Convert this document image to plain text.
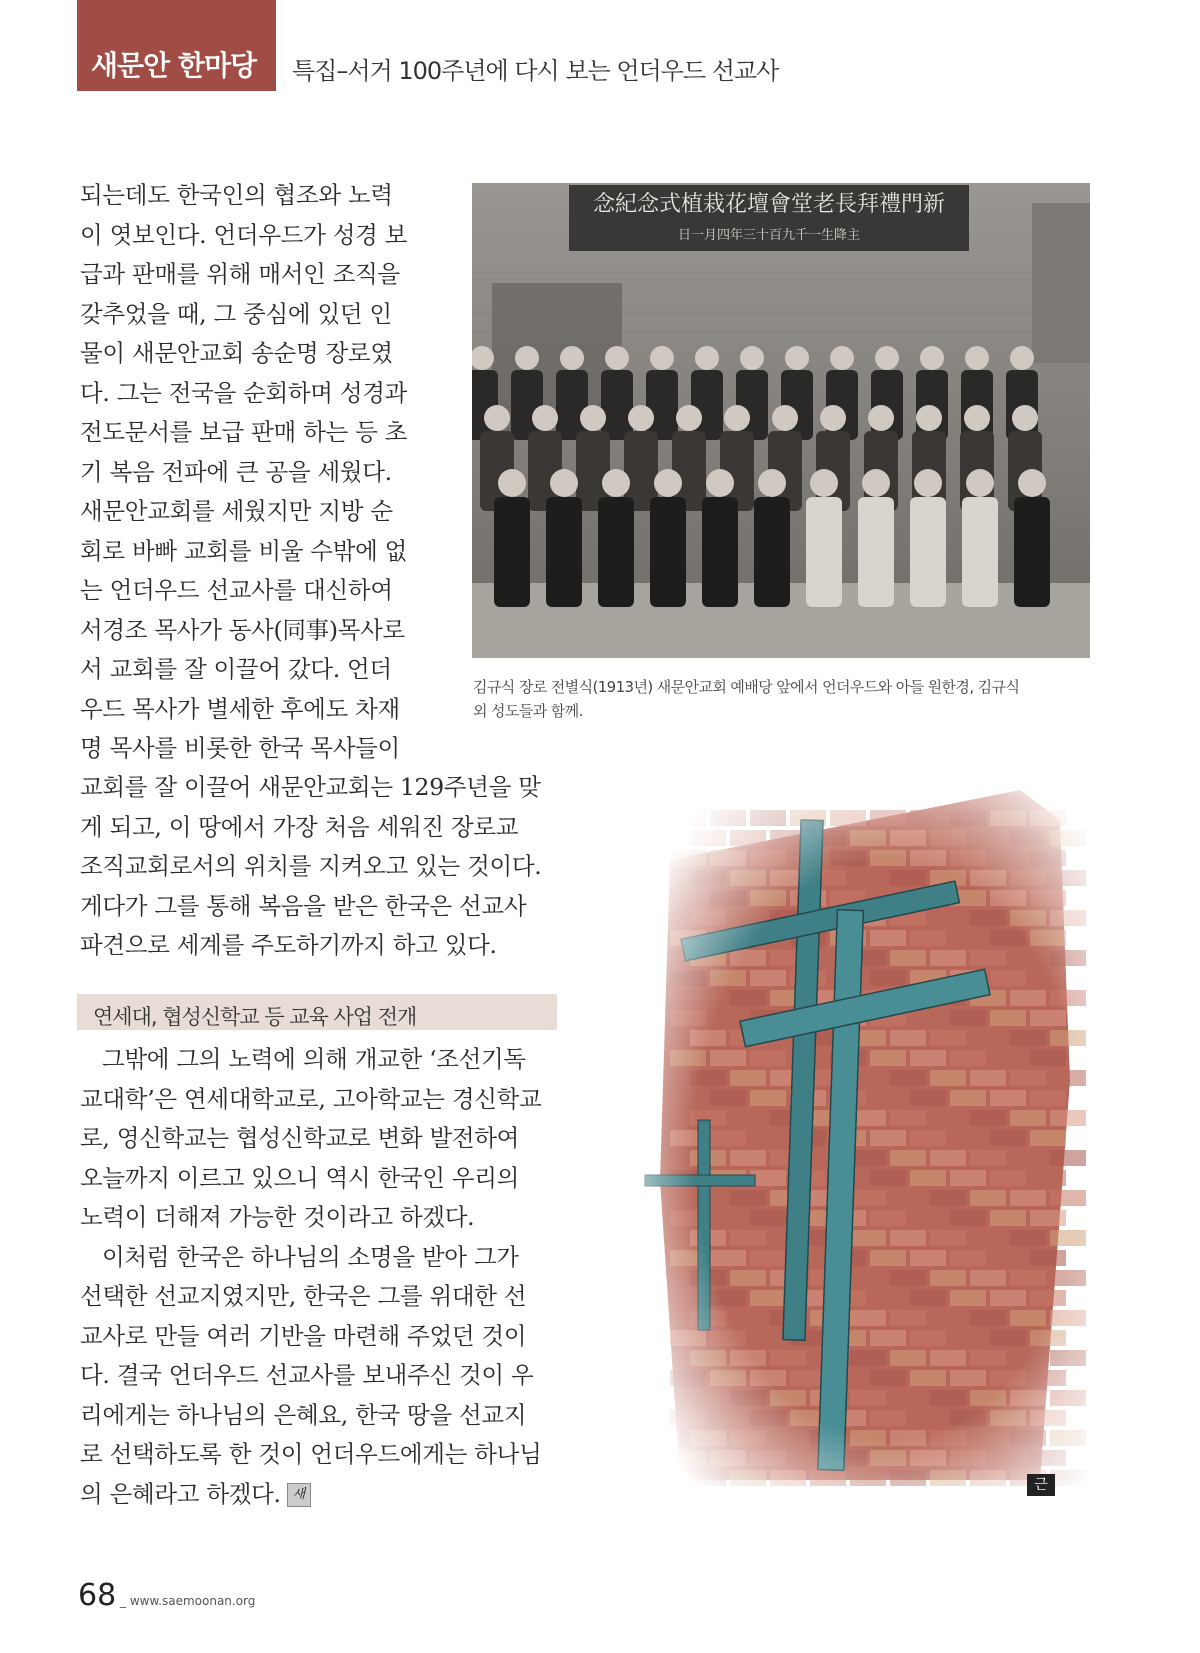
새문안 한마당	특집–서거 100주년에 다시 보는 언더우드 선교사
되는데도 한국인의 협조와 노력
이 엿보인다. 언더우드가 성경 보
급과 판매를 위해 매서인 조직을
갖추었을 때, 그 중심에 있던 인
물이 새문안교회 송순명 장로였
다. 그는 전국을 순회하며 성경과
전도문서를 보급 판매 하는 등 초
기 복음 전파에 큰 공을 세웠다.
새문안교회를 세웠지만 지방 순
회로 바빠 교회를 비울 수밖에 없
는 언더우드 선교사를 대신하여
서경조 목사가 동사(同事)목사로
서 교회를 잘 이끌어 갔다. 언더
우드 목사가 별세한 후에도 차재
명 목사를 비롯한 한국 목사들이
교회를 잘 이끌어 새문안교회는 129주년을 맞
게 되고, 이 땅에서 가장 처음 세워진 장로교
조직교회로서의 위치를 지켜오고 있는 것이다.
게다가 그를 통해 복음을 받은 한국은 선교사
파견으로 세계를 주도하기까지 하고 있다.
연세대, 협성신학교 등 교육 사업 전개
그밖에 그의 노력에 의해 개교한 ‘조선기독
교대학’은 연세대학교로, 고아학교는 경신학교
로, 영신학교는 협성신학교로 변화 발전하여
오늘까지 이르고 있으니 역시 한국인 우리의
노력이 더해져 가능한 것이라고 하겠다.
이처럼 한국은 하나님의 소명을 받아 그가
선택한 선교지였지만, 한국은 그를 위대한 선
교사로 만들 여러 기반을 마련해 주었던 것이
다. 결국 언더우드 선교사를 보내주신 것이 우
리에게는 하나님의 은혜요, 한국 땅을 선교지
로 선택하도록 한 것이 언더우드에게는 하나님
의 은혜라고 하겠다. 새
念紀念式植栽花壇會堂老長拜禮門新
日一月四年三十百九千一生降主
김규식 장로 전별식(1913년) 새문안교회 예배당 앞에서 언더우드와 아들 원한경, 김규식
외 성도들과 함께.
근
68 _ www.saemoonan.org
